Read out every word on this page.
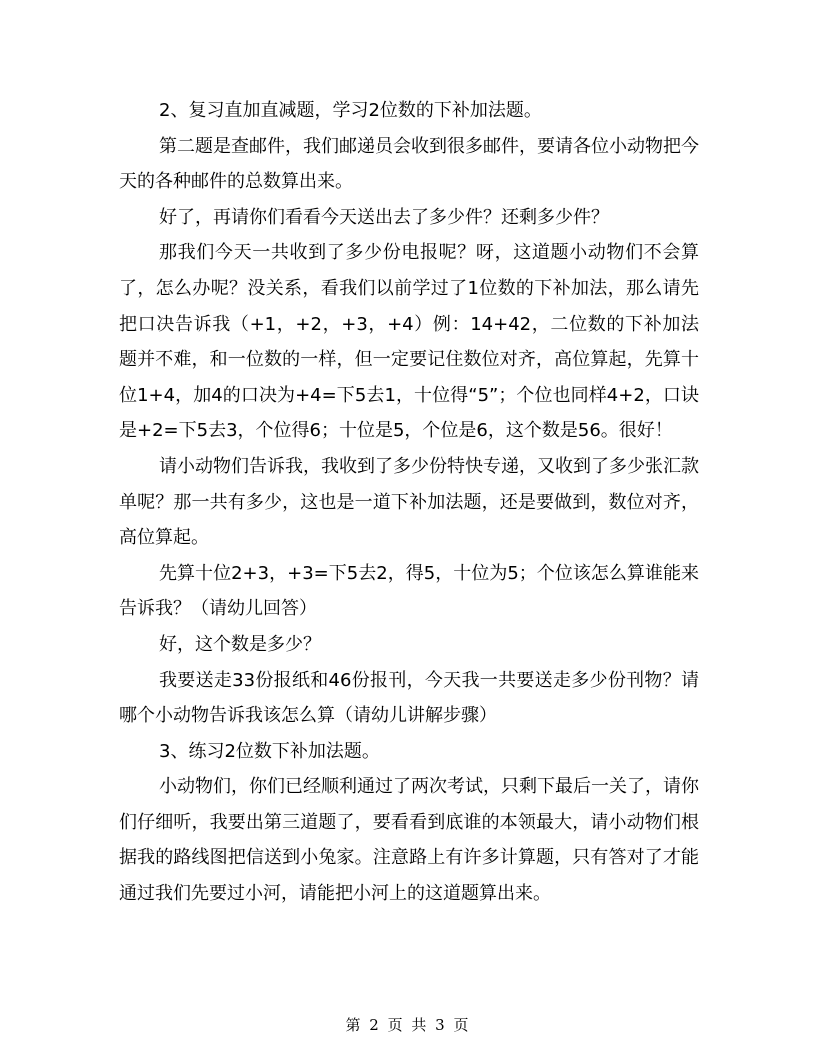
2、复习直加直减题，学习2位数的下补加法题。

第二题是查邮件，我们邮递员会收到很多邮件，要请各位小动物把今天的各种邮件的总数算出来。

好了，再请你们看看今天送出去了多少件？还剩多少件？

那我们今天一共收到了多少份电报呢？呀，这道题小动物们不会算了，怎么办呢？没关系，看我们以前学过了1位数的下补加法，那么请先把口决告诉我（+1，+2，+3，+4）例：14+42，二位数的下补加法题并不难，和一位数的一样，但一定要记住数位对齐，高位算起，先算十位1+4，加4的口决为+4=下5去1，十位得“5”；个位也同样4+2，口诀是+2=下5去3，个位得6；十位是5，个位是6，这个数是56。很好！

请小动物们告诉我，我收到了多少份特快专递，又收到了多少张汇款单呢？那一共有多少，这也是一道下补加法题，还是要做到，数位对齐，高位算起。

先算十位2+3，+3=下5去2，得5，十位为5；个位该怎么算谁能来告诉我？（请幼儿回答）

好，这个数是多少？

我要送走33份报纸和46份报刊，今天我一共要送走多少份刊物？请哪个小动物告诉我该怎么算（请幼儿讲解步骤）

3、练习2位数下补加法题。

小动物们，你们已经顺利通过了两次考试，只剩下最后一关了，请你们仔细听，我要出第三道题了，要看看到底谁的本领最大，请小动物们根据我的路线图把信送到小兔家。注意路上有许多计算题，只有答对了才能通过我们先要过小河，请能把小河上的这道题算出来。

第 2 页 共 3 页
